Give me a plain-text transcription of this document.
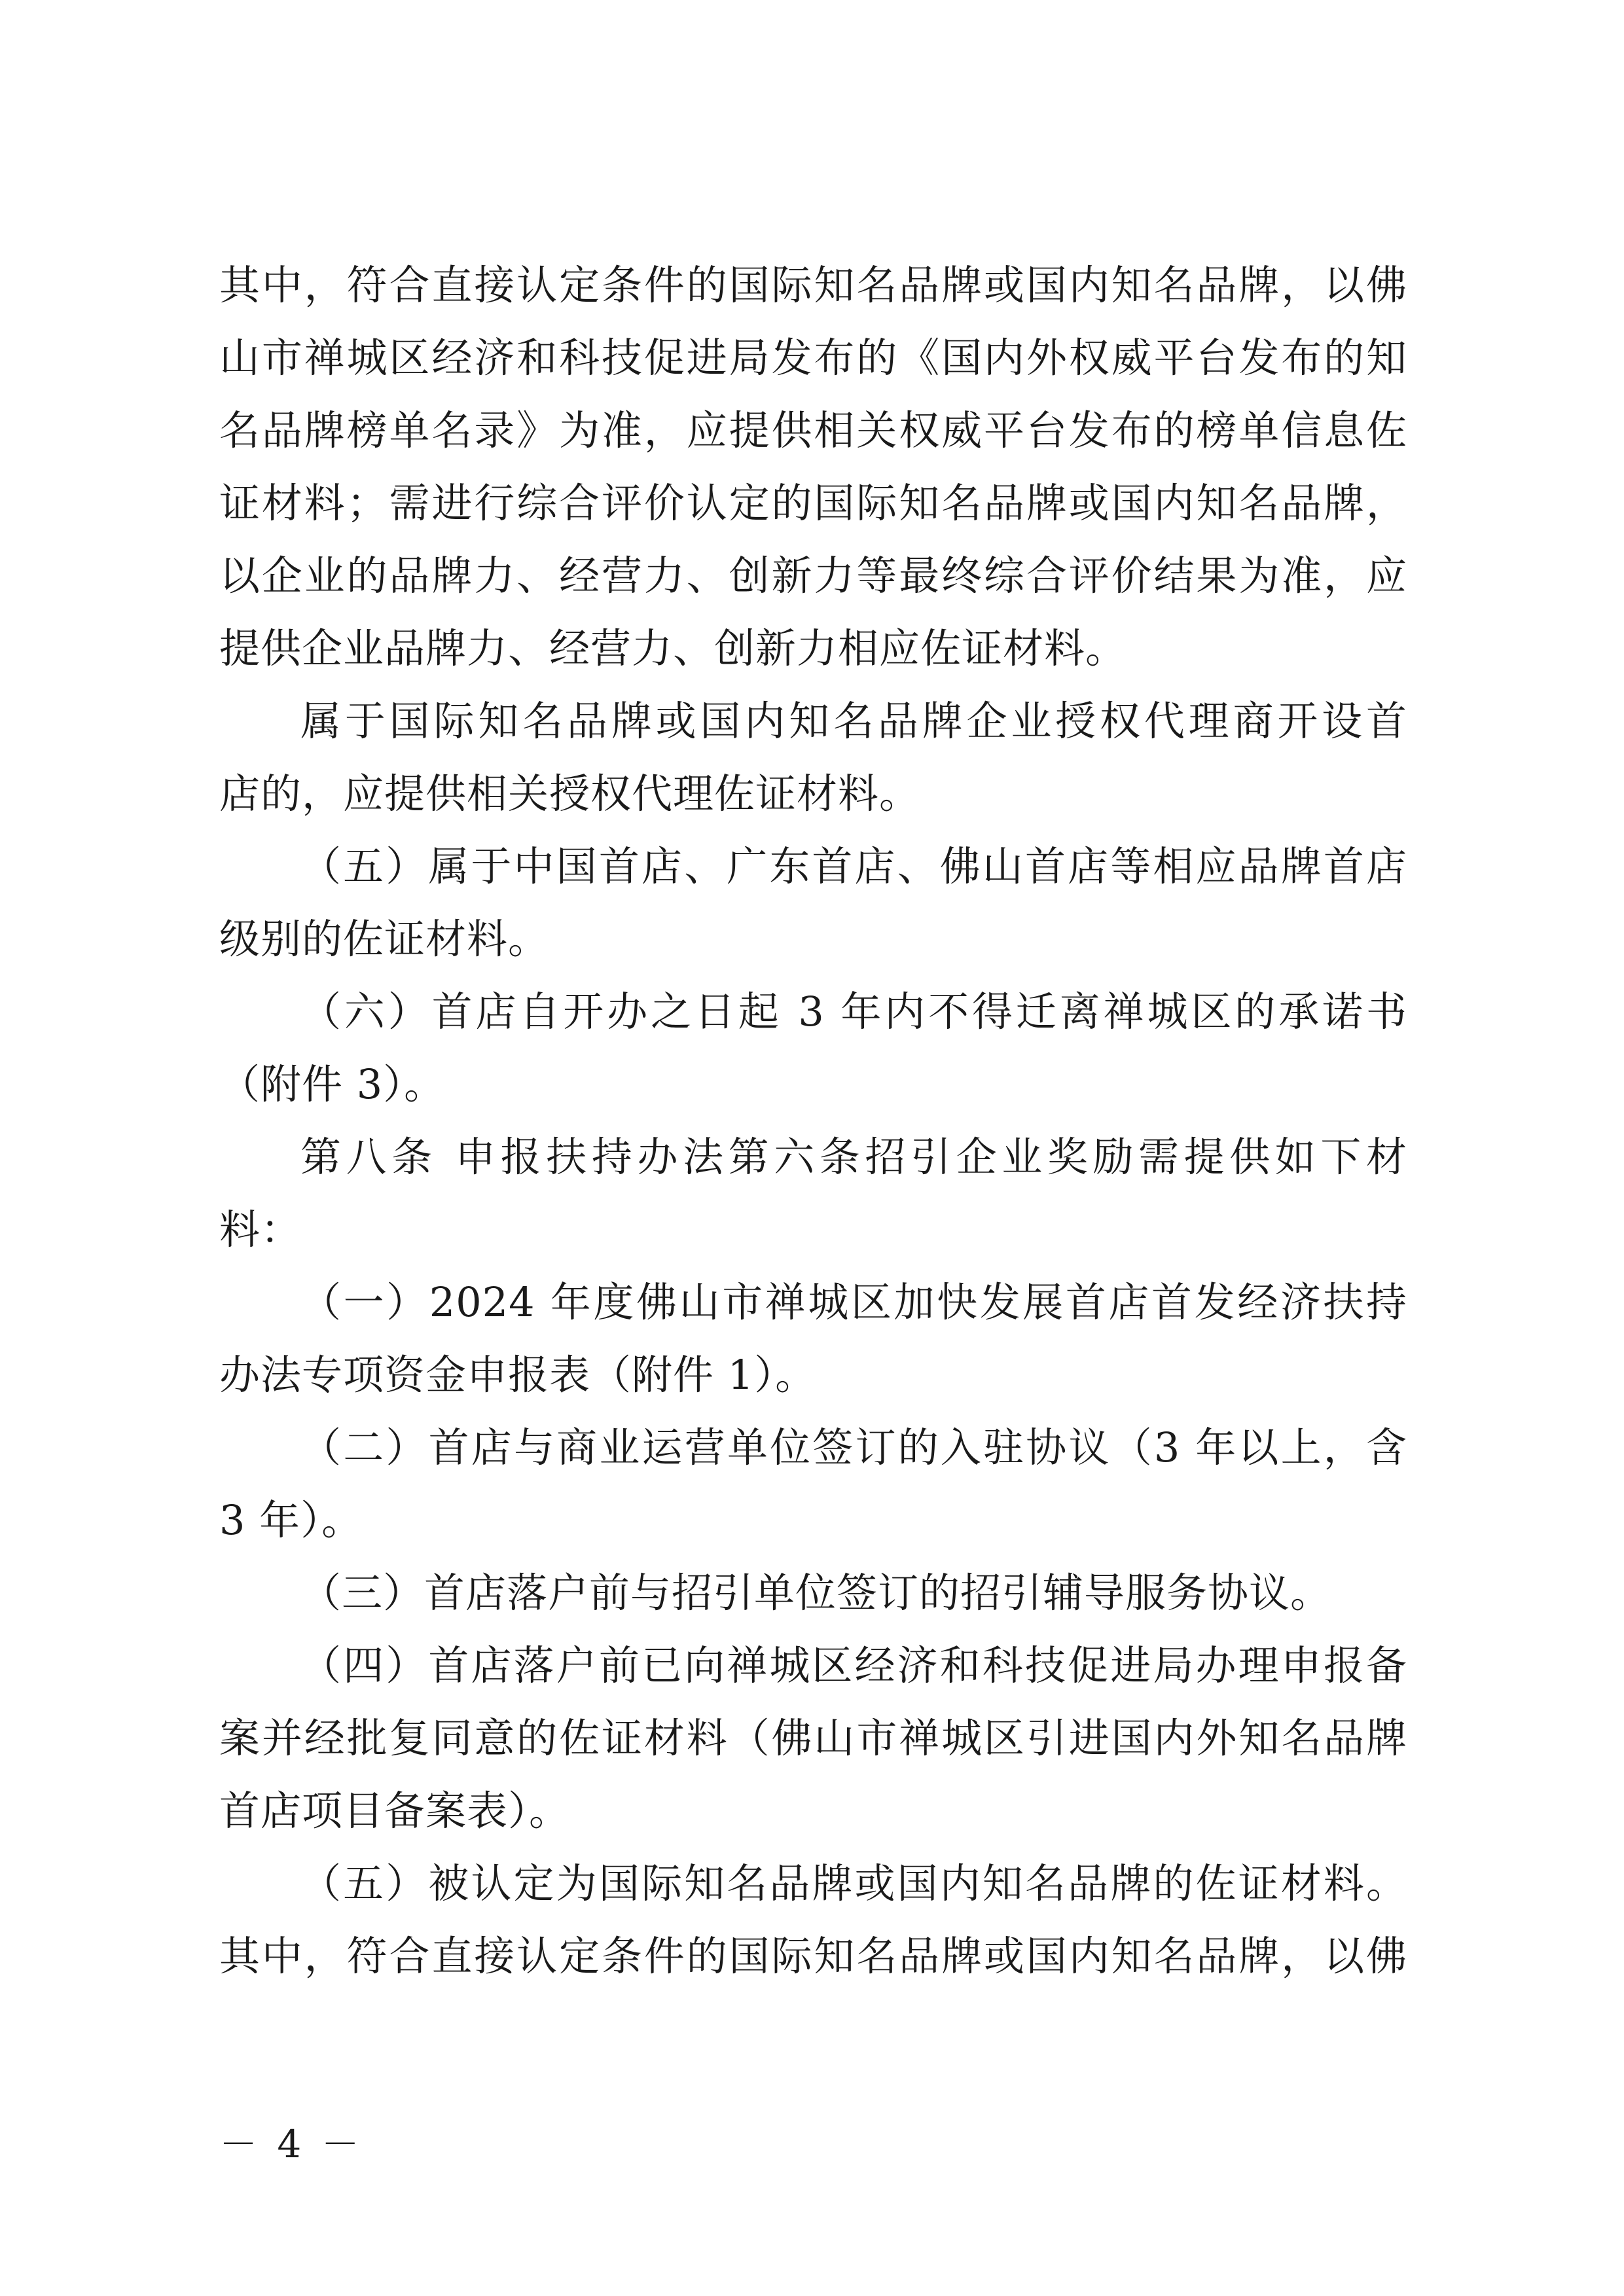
其中，符合直接认定条件的国际知名品牌或国内知名品牌，以佛
山市禅城区经济和科技促进局发布的《国内外权威平台发布的知
名品牌榜单名录》为准，应提供相关权威平台发布的榜单信息佐
证材料；需进行综合评价认定的国际知名品牌或国内知名品牌，
以企业的品牌力、经营力、创新力等最终综合评价结果为准，应
提供企业品牌力、经营力、创新力相应佐证材料。
属于国际知名品牌或国内知名品牌企业授权代理商开设首
店的，应提供相关授权代理佐证材料。
（五）属于中国首店、广东首店、佛山首店等相应品牌首店
级别的佐证材料。
（六）首店自开办之日起 3 年内不得迁离禅城区的承诺书
（附件 3）。
第八条 申报扶持办法第六条招引企业奖励需提供如下材
料：
（一）2024 年度佛山市禅城区加快发展首店首发经济扶持
办法专项资金申报表（附件 1）。
（二）首店与商业运营单位签订的入驻协议（3 年以上，含
3 年）。
（三）首店落户前与招引单位签订的招引辅导服务协议。
（四）首店落户前已向禅城区经济和科技促进局办理申报备
案并经批复同意的佐证材料（佛山市禅城区引进国内外知名品牌
首店项目备案表）。
（五）被认定为国际知名品牌或国内知名品牌的佐证材料。
其中，符合直接认定条件的国际知名品牌或国内知名品牌，以佛
－ 4 －
